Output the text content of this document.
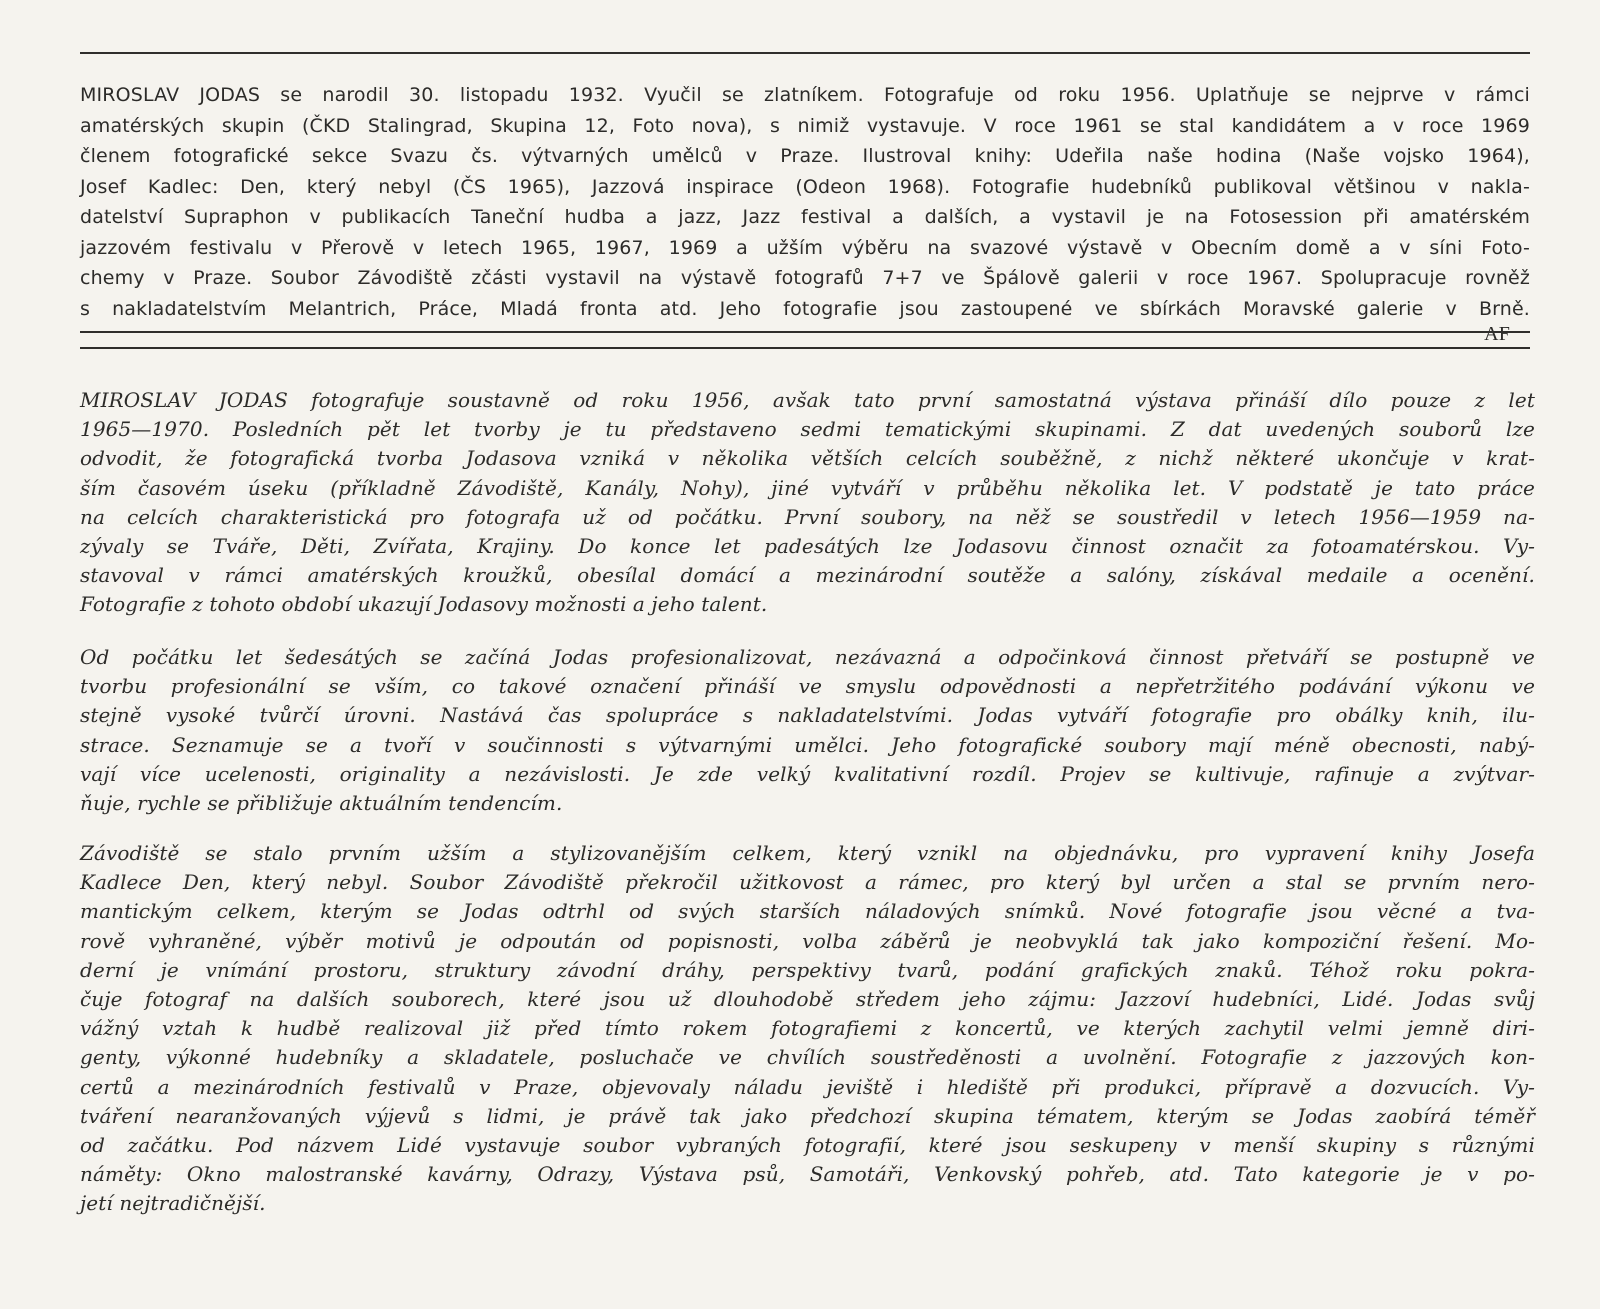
MIROSLAV JODAS se narodil 30. listopadu 1932. Vyučil se zlatníkem. Fotografuje od roku 1956. Uplatňuje se nejprve v rámci
amatérských skupin (ČKD Stalingrad, Skupina 12, Foto nova), s nimiž vystavuje. V roce 1961 se stal kandidátem a v roce 1969
členem fotografické sekce Svazu čs. výtvarných umělců v Praze. Ilustroval knihy: Udeřila naše hodina (Naše vojsko 1964),
Josef Kadlec: Den, který nebyl (ČS 1965), Jazzová inspirace (Odeon 1968). Fotografie hudebníků publikoval většinou v nakla-
datelství Supraphon v publikacích Taneční hudba a jazz, Jazz festival a dalších, a vystavil je na Fotosession při amatérském
jazzovém festivalu v Přerově v letech 1965, 1967, 1969 a užším výběru na svazové výstavě v Obecním domě a v síni Foto-
chemy v Praze. Soubor Závodiště zčásti vystavil na výstavě fotografů 7+7 ve Špálově galerii v roce 1967. Spolupracuje rovněž
s nakladatelstvím Melantrich, Práce, Mladá fronta atd. Jeho fotografie jsou zastoupené ve sbírkách Moravské galerie v Brně.
AF
MIROSLAV JODAS fotografuje soustavně od roku 1956, avšak tato první samostatná výstava přináší dílo pouze z let
1965—1970. Posledních pět let tvorby je tu představeno sedmi tematickými skupinami. Z dat uvedených souborů lze
odvodit, že fotografická tvorba Jodasova vzniká v několika větších celcích souběžně, z nichž některé ukončuje v krat-
ším časovém úseku (příkladně Závodiště, Kanály, Nohy), jiné vytváří v průběhu několika let. V podstatě je tato práce
na celcích charakteristická pro fotografa už od počátku. První soubory, na něž se soustředil v letech 1956—1959 na-
zývaly se Tváře, Děti, Zvířata, Krajiny. Do konce let padesátých lze Jodasovu činnost označit za fotoamatérskou. Vy-
stavoval v rámci amatérských kroužků, obesílal domácí a mezinárodní soutěže a salóny, získával medaile a ocenění.
Fotografie z tohoto období ukazují Jodasovy možnosti a jeho talent.
Od počátku let šedesátých se začíná Jodas profesionalizovat, nezávazná a odpočinková činnost přetváří se postupně ve
tvorbu profesionální se vším, co takové označení přináší ve smyslu odpovědnosti a nepřetržitého podávání výkonu ve
stejně vysoké tvůrčí úrovni. Nastává čas spolupráce s nakladatelstvími. Jodas vytváří fotografie pro obálky knih, ilu-
strace. Seznamuje se a tvoří v součinnosti s výtvarnými umělci. Jeho fotografické soubory mají méně obecnosti, nabý-
vají více ucelenosti, originality a nezávislosti. Je zde velký kvalitativní rozdíl. Projev se kultivuje, rafinuje a zvýtvar-
ňuje, rychle se přibližuje aktuálním tendencím.
Závodiště se stalo prvním užším a stylizovanějším celkem, který vznikl na objednávku, pro vypravení knihy Josefa
Kadlece Den, který nebyl. Soubor Závodiště překročil užitkovost a rámec, pro který byl určen a stal se prvním nero-
mantickým celkem, kterým se Jodas odtrhl od svých starších náladových snímků. Nové fotografie jsou věcné a tva-
rově vyhraněné, výběr motivů je odpoután od popisnosti, volba záběrů je neobvyklá tak jako kompoziční řešení. Mo-
derní je vnímání prostoru, struktury závodní dráhy, perspektivy tvarů, podání grafických znaků. Téhož roku pokra-
čuje fotograf na dalších souborech, které jsou už dlouhodobě středem jeho zájmu: Jazzoví hudebníci, Lidé. Jodas svůj
vážný vztah k hudbě realizoval již před tímto rokem fotografiemi z koncertů, ve kterých zachytil velmi jemně diri-
genty, výkonné hudebníky a skladatele, posluchače ve chvílích soustředěnosti a uvolnění. Fotografie z jazzových kon-
certů a mezinárodních festivalů v Praze, objevovaly náladu jeviště i hlediště při produkci, přípravě a dozvucích. Vy-
tváření nearanžovaných výjevů s lidmi, je právě tak jako předchozí skupina tématem, kterým se Jodas zaobírá téměř
od začátku. Pod názvem Lidé vystavuje soubor vybraných fotografií, které jsou seskupeny v menší skupiny s různými
náměty: Okno malostranské kavárny, Odrazy, Výstava psů, Samotáři, Venkovský pohřeb, atd. Tato kategorie je v po-
jetí nejtradičnější.
